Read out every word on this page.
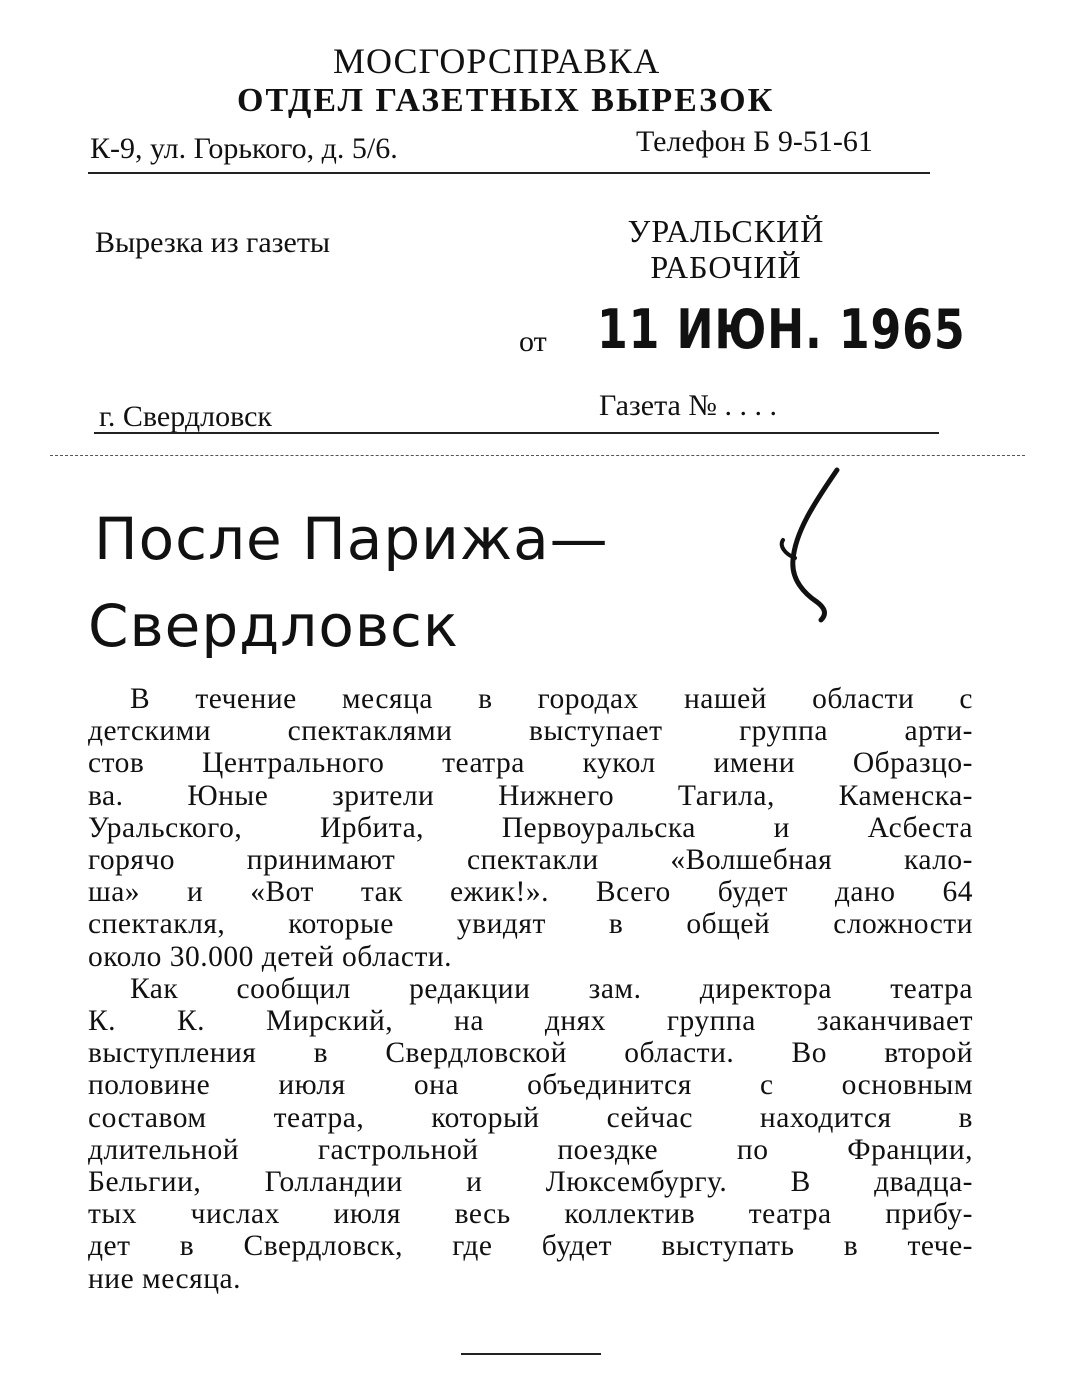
МОСГОРСПРАВКА
ОТДЕЛ ГАЗЕТНЫХ ВЫРЕЗОК
К-9, ул. Горького, д. 5/6.	Телефон Б 9-51-61
Вырезка из газеты	УРАЛЬСКИЙ
РАБОЧИЙ
от 11 ИЮН. 1965
г. Свердловск	Газета № . . . .
После Парижа—
Свердловск
В течение месяца в городах нашей области с
детскими спектаклями выступает группа арти-
стов Центрального театра кукол имени Образцо-
ва. Юные зрители Нижнего Тагила, Каменска-
Уральского, Ирбита, Первоуральска и Асбеста
горячо принимают спектакли «Волшебная кало-
ша» и «Вот так ежик!». Всего будет дано 64
спектакля, которые увидят в общей сложности
около 30.000 детей области.
Как сообщил редакции зам. директора театра
К. К. Мирский, на днях группа заканчивает
выступления в Свердловской области. Во второй
половине июля она объединится с основным
составом театра, который сейчас находится в
длительной гастрольной поездке по Франции,
Бельгии, Голландии и Люксембургу. В двадца-
тых числах июля весь коллектив театра прибу-
дет в Свердловск, где будет выступать в тече-
ние месяца.
